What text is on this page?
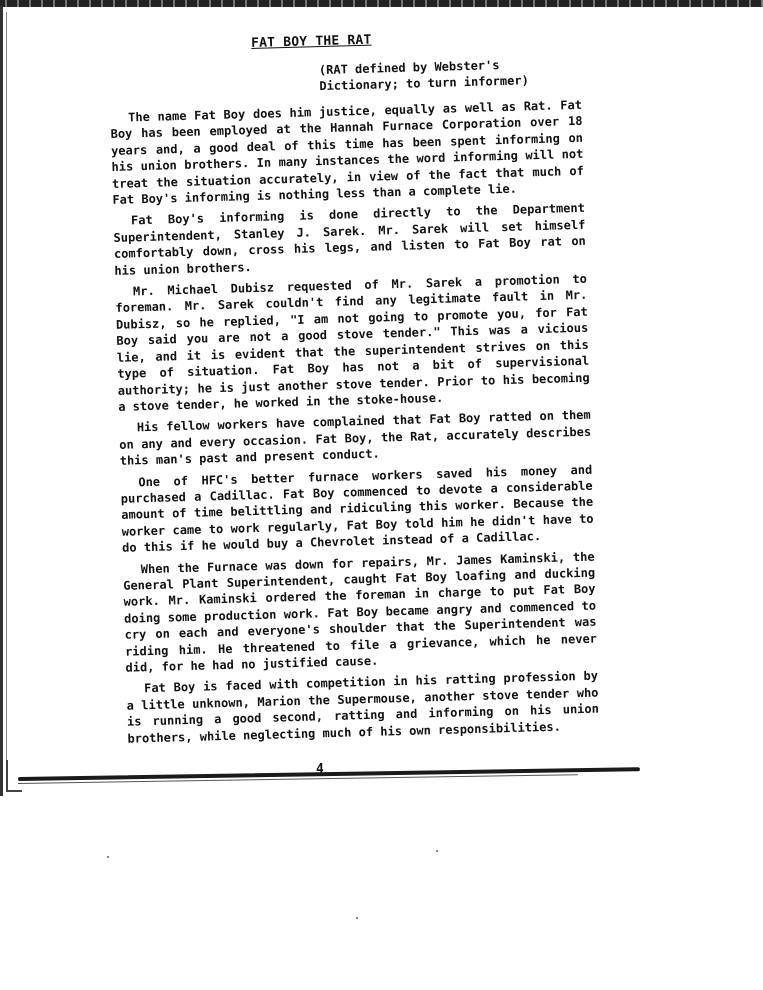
FAT BOY THE RAT
(RAT defined by Webster's Dictionary; to turn informer)

The name Fat Boy does him justice, equally as well as Rat. Fat Boy has been employed at the Hannah Furnace Corporation over 18 years and, a good deal of this time has been spent informing on his union brothers. In many instances the word informing will not treat the situation accurately, in view of the fact that much of Fat Boy's informing is nothing less than a complete lie.

Fat Boy's informing is done directly to the Department Superintendent, Stanley J. Sarek. Mr. Sarek will set himself comfortably down, cross his legs, and listen to Fat Boy rat on his union brothers.

Mr. Michael Dubisz requested of Mr. Sarek a promotion to foreman. Mr. Sarek couldn't find any legitimate fault in Mr. Dubisz, so he replied, "I am not going to promote you, for Fat Boy said you are not a good stove tender." This was a vicious lie, and it is evident that the superintendent strives on this type of situation. Fat Boy has not a bit of supervisional authority; he is just another stove tender. Prior to his becoming a stove tender, he worked in the stoke-house.

His fellow workers have complained that Fat Boy ratted on them on any and every occasion. Fat Boy, the Rat, accurately describes this man's past and present conduct.

One of HFC's better furnace workers saved his money and purchased a Cadillac. Fat Boy commenced to devote a considerable amount of time belittling and ridiculing this worker. Because the worker came to work regularly, Fat Boy told him he didn't have to do this if he would buy a Chevrolet instead of a Cadillac.

When the Furnace was down for repairs, Mr. James Kaminski, the General Plant Superintendent, caught Fat Boy loafing and ducking work. Mr. Kaminski ordered the foreman in charge to put Fat Boy doing some production work. Fat Boy became angry and commenced to cry on each and everyone's shoulder that the Superintendent was riding him. He threatened to file a grievance, which he never did, for he had no justified cause.

Fat Boy is faced with competition in his ratting profession by a little unknown, Marion the Supermouse, another stove tender who is running a good second, ratting and informing on his union brothers, while neglecting much of his own responsibilities.

4
